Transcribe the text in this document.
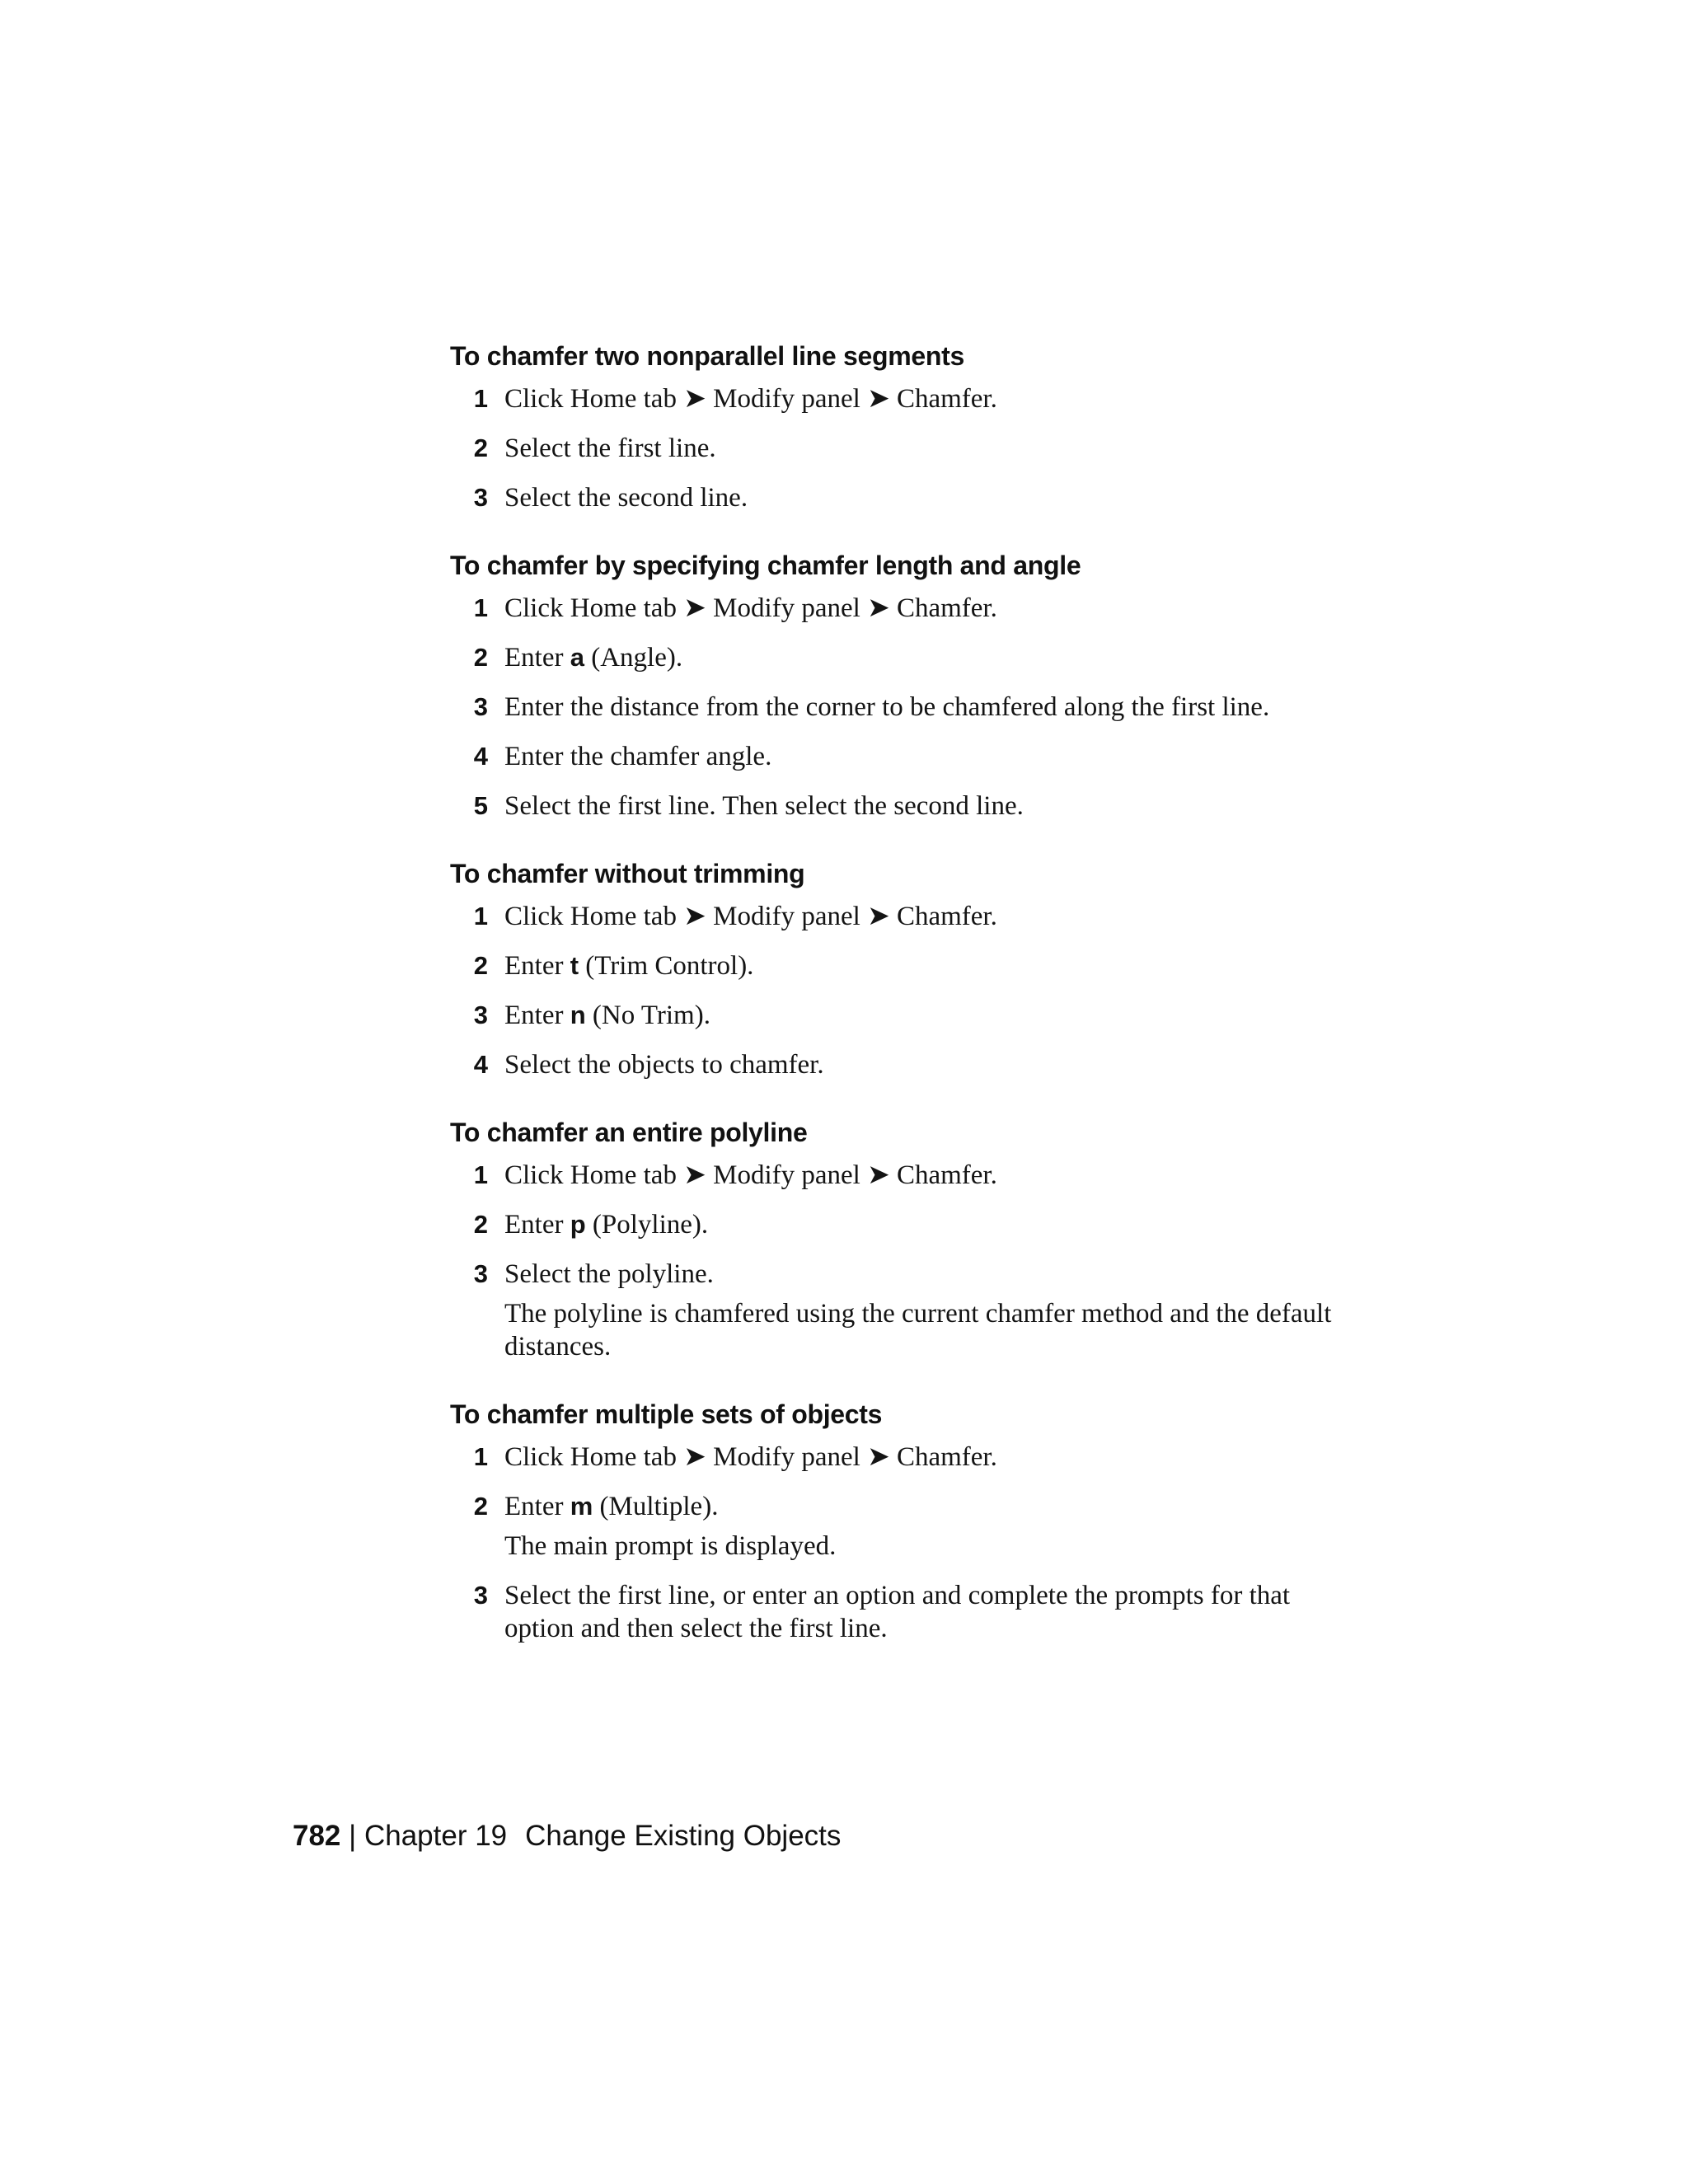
To chamfer two nonparallel line segments
1 Click Home tab ➤ Modify panel ➤ Chamfer.
2 Select the first line.
3 Select the second line.
To chamfer by specifying chamfer length and angle
1 Click Home tab ➤ Modify panel ➤ Chamfer.
2 Enter a (Angle).
3 Enter the distance from the corner to be chamfered along the first line.
4 Enter the chamfer angle.
5 Select the first line. Then select the second line.
To chamfer without trimming
1 Click Home tab ➤ Modify panel ➤ Chamfer.
2 Enter t (Trim Control).
3 Enter n (No Trim).
4 Select the objects to chamfer.
To chamfer an entire polyline
1 Click Home tab ➤ Modify panel ➤ Chamfer.
2 Enter p (Polyline).
3 Select the polyline.
The polyline is chamfered using the current chamfer method and the default distances.
To chamfer multiple sets of objects
1 Click Home tab ➤ Modify panel ➤ Chamfer.
2 Enter m (Multiple).
The main prompt is displayed.
3 Select the first line, or enter an option and complete the prompts for that option and then select the first line.
782 | Chapter 19 Change Existing Objects
